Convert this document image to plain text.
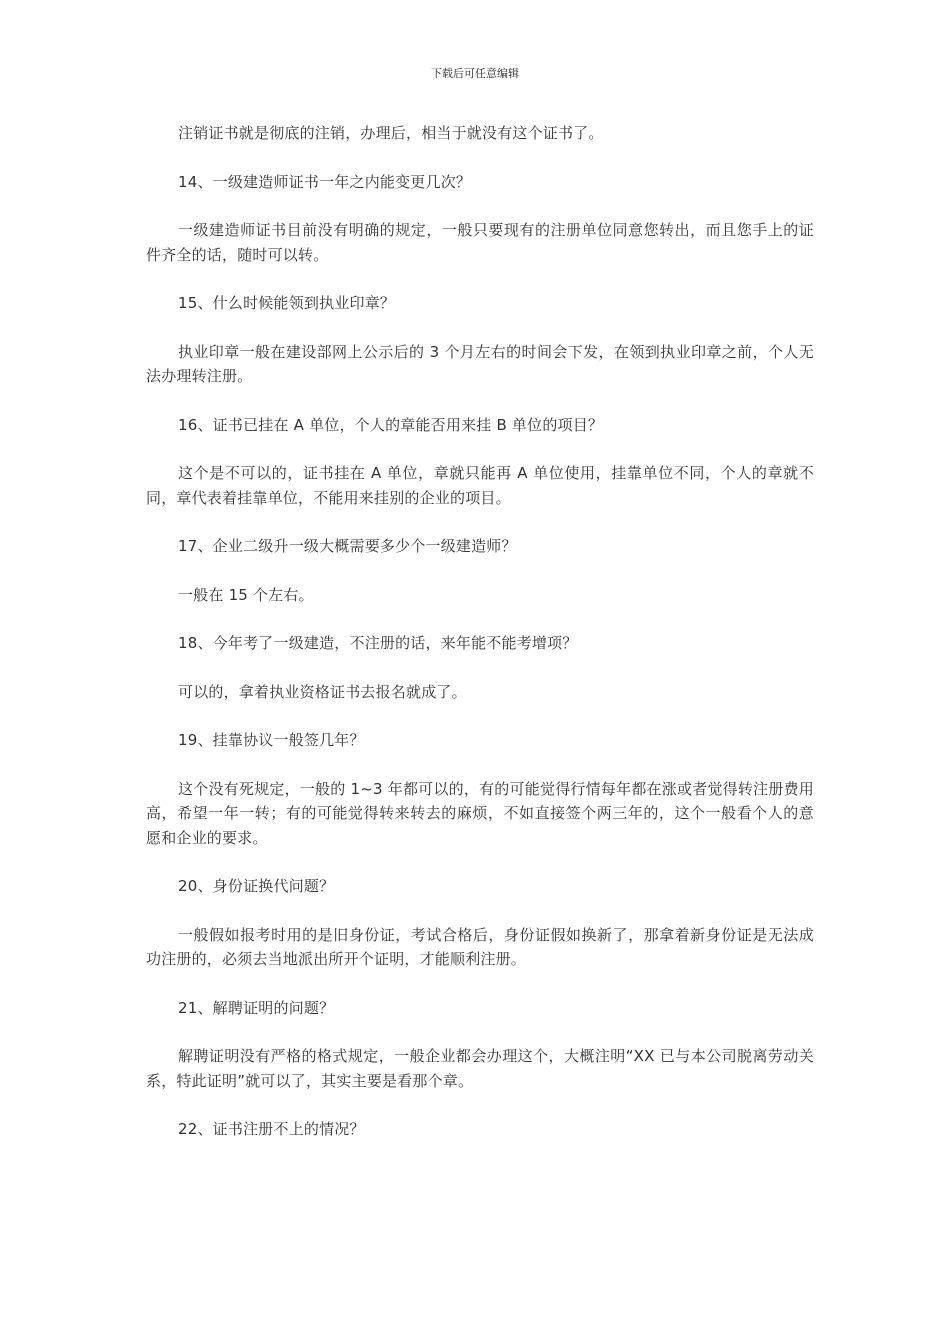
下载后可任意编辑

注销证书就是彻底的注销，办理后，相当于就没有这个证书了。

14、一级建造师证书一年之内能变更几次？

一级建造师证书目前没有明确的规定，一般只要现有的注册单位同意您转出，而且您手上的证件齐全的话，随时可以转。

15、什么时候能领到执业印章？

执业印章一般在建设部网上公示后的 3 个月左右的时间会下发，在领到执业印章之前，个人无法办理转注册。

16、证书已挂在 A 单位，个人的章能否用来挂 B 单位的项目？

这个是不可以的，证书挂在 A 单位，章就只能再 A 单位使用，挂靠单位不同，个人的章就不同，章代表着挂靠单位，不能用来挂别的企业的项目。

17、企业二级升一级大概需要多少个一级建造师？

一般在 15 个左右。

18、今年考了一级建造，不注册的话，来年能不能考增项？

可以的，拿着执业资格证书去报名就成了。

19、挂靠协议一般签几年？

这个没有死规定，一般的 1~3 年都可以的，有的可能觉得行情每年都在涨或者觉得转注册费用高，希望一年一转；有的可能觉得转来转去的麻烦，不如直接签个两三年的，这个一般看个人的意愿和企业的要求。

20、身份证换代问题？

一般假如报考时用的是旧身份证，考试合格后，身份证假如换新了，那拿着新身份证是无法成功注册的，必须去当地派出所开个证明，才能顺利注册。

21、解聘证明的问题？

解聘证明没有严格的格式规定，一般企业都会办理这个，大概注明“XX 已与本公司脱离劳动关系，特此证明”就可以了，其实主要是看那个章。

22、证书注册不上的情况？
